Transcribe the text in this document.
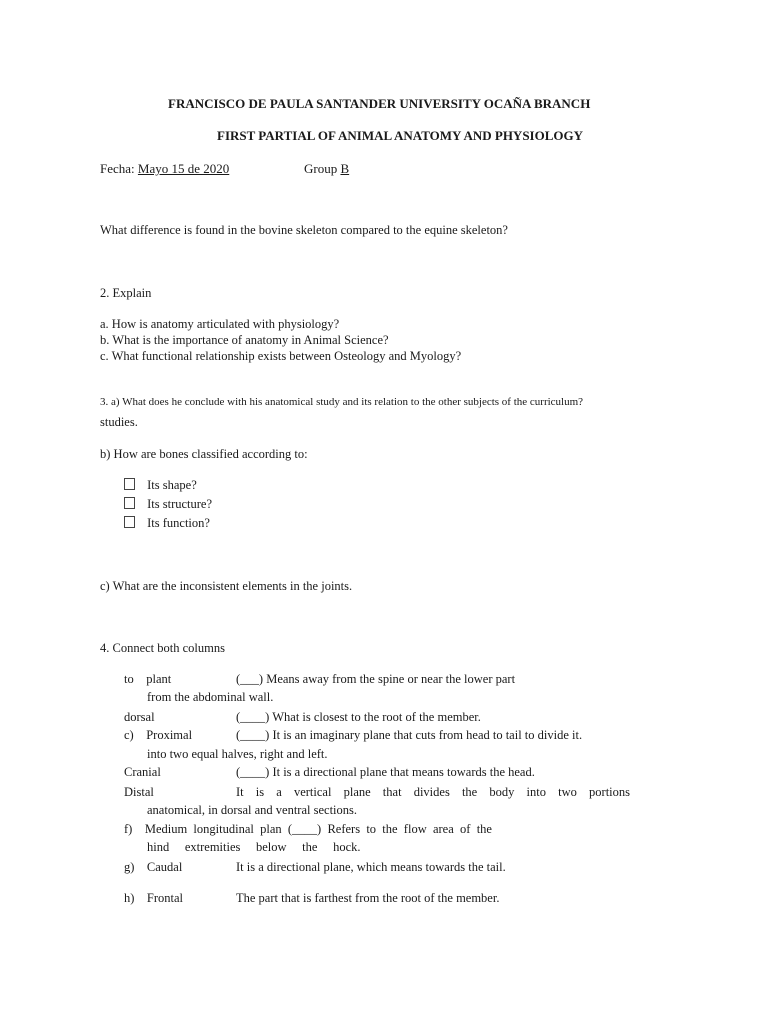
FRANCISCO DE PAULA SANTANDER UNIVERSITY OCAÑA BRANCH
FIRST PARTIAL OF ANIMAL ANATOMY AND PHYSIOLOGY
Fecha: Mayo 15 de 2020	Group B
What difference is found in the bovine skeleton compared to the equine skeleton?
2. Explain
a. How is anatomy articulated with physiology?
b. What is the importance of anatomy in Animal Science?
c. What functional relationship exists between Osteology and Myology?
3. a) What does he conclude with his anatomical study and its relation to the other subjects of the curriculum?
studies.
b) How are bones classified according to:
Its shape?
Its structure?
Its function?
c) What are the inconsistent elements in the joints.
4. Connect both columns
to    plant	(___) Means away from the spine or near the lower part
from the abdominal wall.
dorsal	(____) What is closest to the root of the member.
c)    Proximal	(____) It is an imaginary plane that cuts from head to tail to divide it.
into two equal halves, right and left.
Cranial	(____) It is a directional plane that means towards the head.
Distal	It is a vertical plane that divides the body into two portions
anatomical, in dorsal and ventral sections.
f)    Medium  longitudinal  plan  (____)  Refers  to  the  flow  area  of  the
hind     extremities     below     the     hock.
g)    Caudal	It is a directional plane, which means towards the tail.
h)    Frontal	The part that is farthest from the root of the member.
